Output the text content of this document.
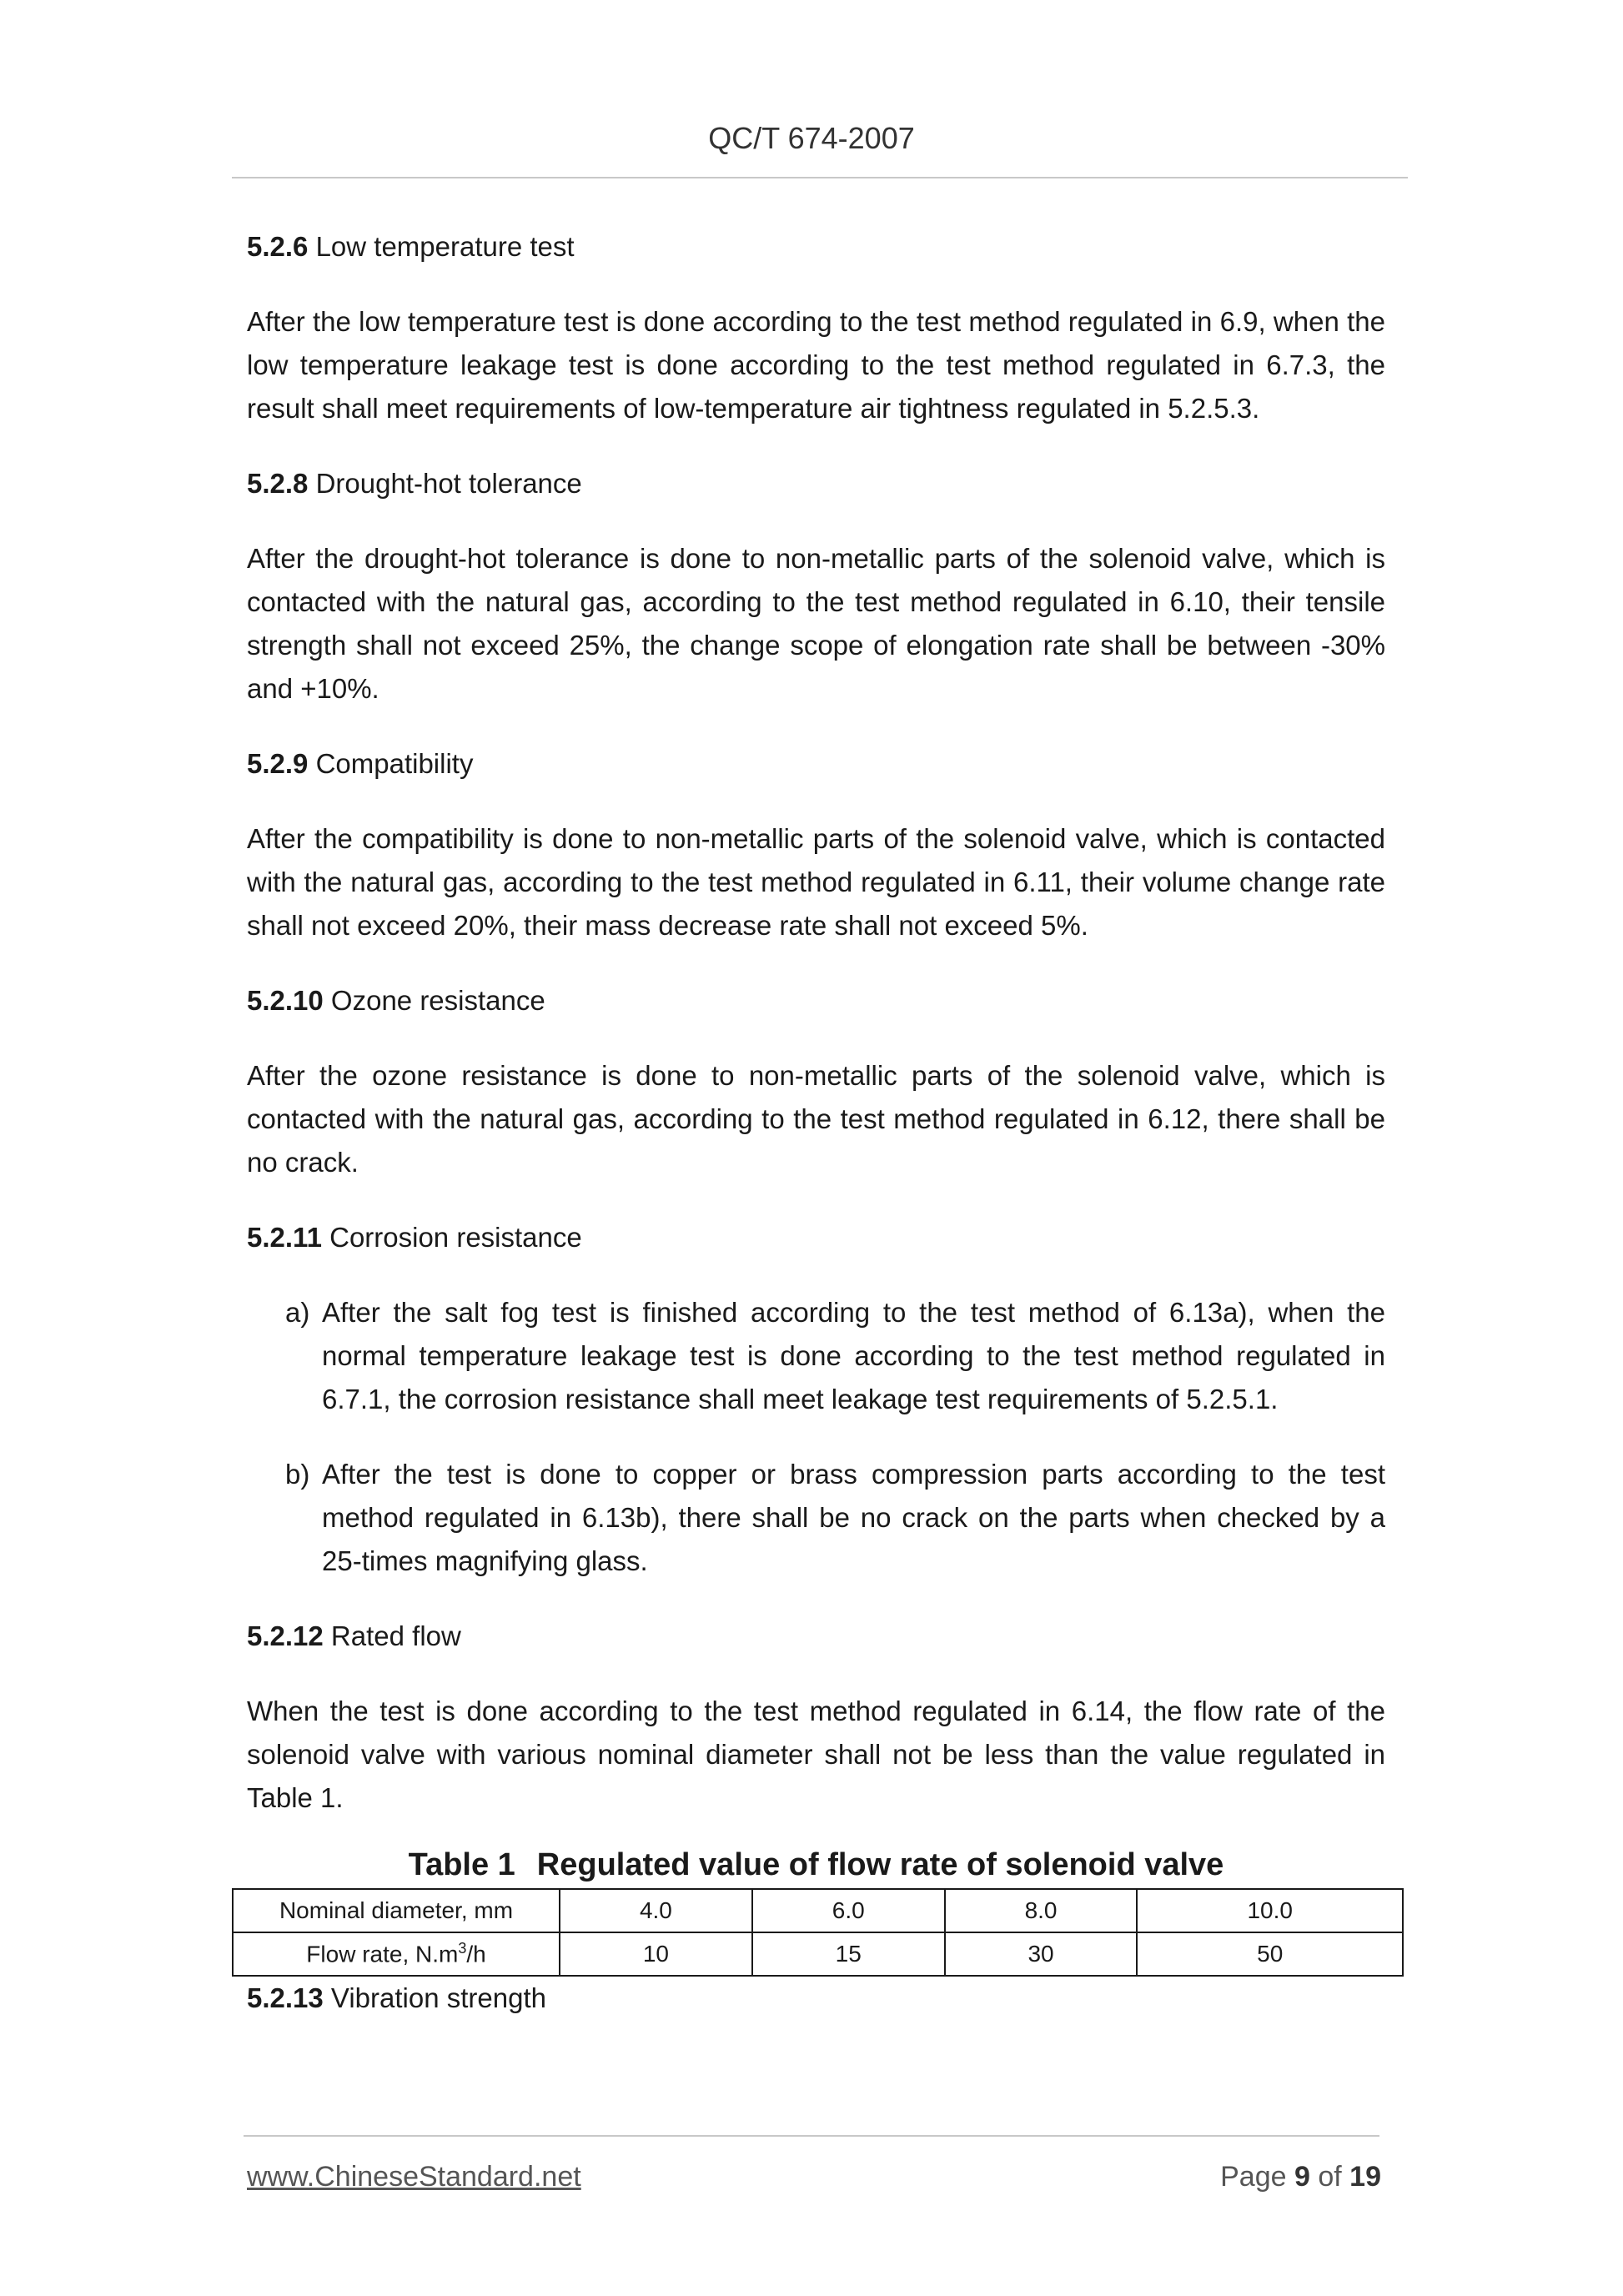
QC/T 674-2007

5.2.6 Low temperature test

After the low temperature test is done according to the test method regulated in 6.9, when the low temperature leakage test is done according to the test method regulated in 6.7.3, the result shall meet requirements of low-temperature air tightness regulated in 5.2.5.3.

5.2.8 Drought-hot tolerance

After the drought-hot tolerance is done to non-metallic parts of the solenoid valve, which is contacted with the natural gas, according to the test method regulated in 6.10, their tensile strength shall not exceed 25%, the change scope of elongation rate shall be between -30% and +10%.

5.2.9 Compatibility

After the compatibility is done to non-metallic parts of the solenoid valve, which is contacted with the natural gas, according to the test method regulated in 6.11, their volume change rate shall not exceed 20%, their mass decrease rate shall not exceed 5%.

5.2.10 Ozone resistance

After the ozone resistance is done to non-metallic parts of the solenoid valve, which is contacted with the natural gas, according to the test method regulated in 6.12, there shall be no crack.

5.2.11 Corrosion resistance

a) After the salt fog test is finished according to the test method of 6.13a), when the normal temperature leakage test is done according to the test method regulated in 6.7.1, the corrosion resistance shall meet leakage test requirements of 5.2.5.1.
b) After the test is done to copper or brass compression parts according to the test method regulated in 6.13b), there shall be no crack on the parts when checked by a 25-times magnifying glass.

5.2.12 Rated flow

When the test is done according to the test method regulated in 6.14, the flow rate of the solenoid valve with various nominal diameter shall not be less than the value regulated in Table 1.

Table 1 Regulated value of flow rate of solenoid valve
Nominal diameter, mm	4.0	6.0	8.0	10.0
Flow rate, $N.m^3/h$	10	15	30	50

5.2.13 Vibration strength

www.ChineseStandard.net	Page 9 of 19
